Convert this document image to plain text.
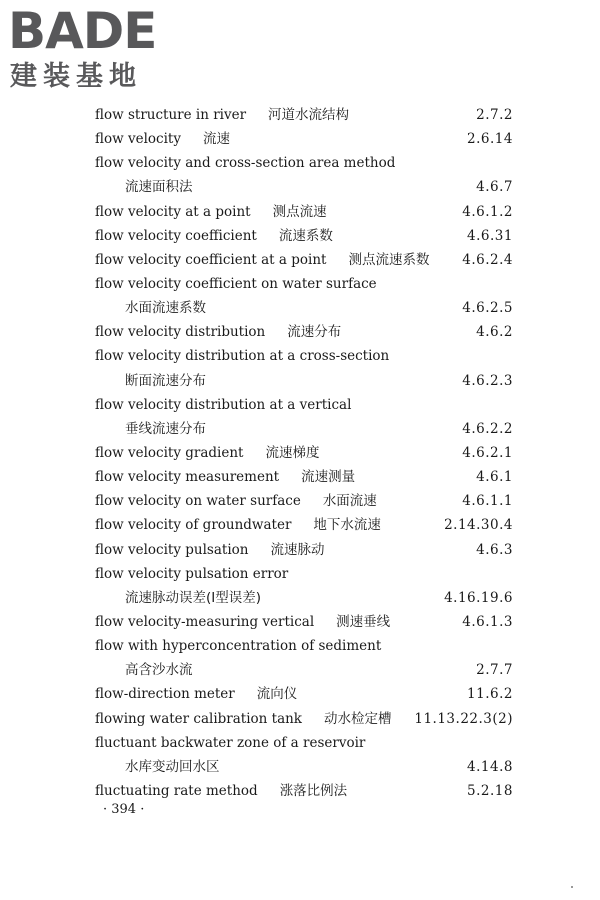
BADE
建装基地
flow structure in river 河道水流结构	2.7.2
flow velocity 流速	2.6.14
flow velocity and cross-section area method
流速面积法	4.6.7
flow velocity at a point 测点流速	4.6.1.2
flow velocity coefficient 流速系数	4.6.31
flow velocity coefficient at a point 测点流速系数 4.6.2.4
flow velocity coefficient on water surface
水面流速系数	4.6.2.5
flow velocity distribution 流速分布	4.6.2
flow velocity distribution at a cross-section
断面流速分布	4.6.2.3
flow velocity distribution at a vertical
垂线流速分布	4.6.2.2
flow velocity gradient 流速梯度	4.6.2.1
flow velocity measurement 流速测量	4.6.1
flow velocity on water surface 水面流速	4.6.1.1
flow velocity of groundwater 地下水流速	2.14.30.4
flow velocity pulsation 流速脉动	4.6.3
flow velocity pulsation error
流速脉动误差(Ⅰ型误差)	4.16.19.6
flow velocity-measuring vertical 测速垂线	4.6.1.3
flow with hyperconcentration of sediment
高含沙水流	2.7.7
flow-direction meter 流向仪	11.6.2
flowing water calibration tank 动水检定槽 11.13.22.3(2)
fluctuant backwater zone of a reservoir
水库变动回水区	4.14.8
fluctuating rate method 涨落比例法	5.2.18
· 394 ·
